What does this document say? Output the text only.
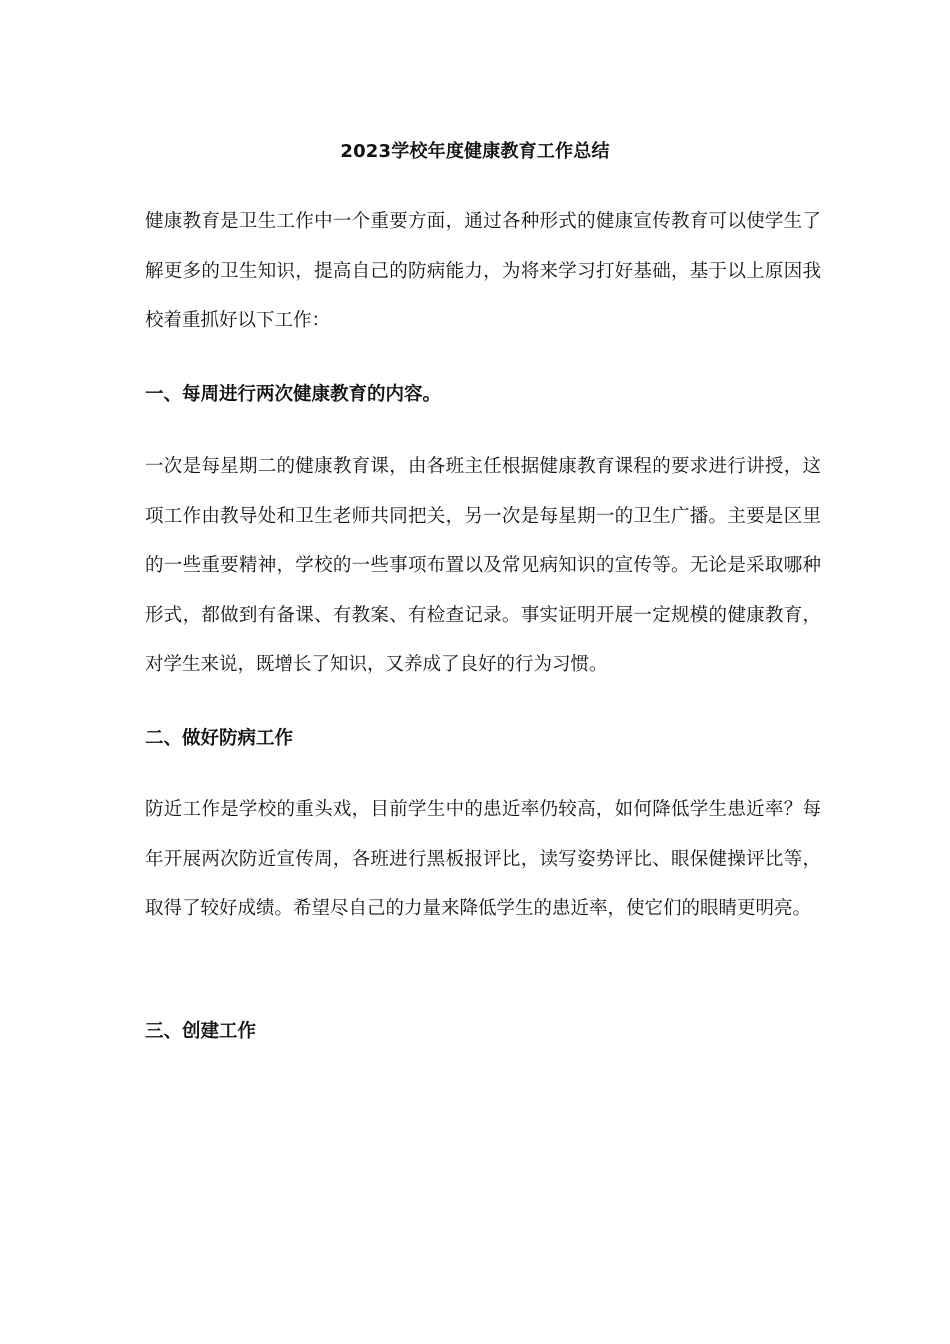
2023学校年度健康教育工作总结

健康教育是卫生工作中一个重要方面，通过各种形式的健康宣传教育可以使学生了解更多的卫生知识，提高自己的防病能力，为将来学习打好基础，基于以上原因我校着重抓好以下工作：

一、每周进行两次健康教育的内容。

一次是每星期二的健康教育课，由各班主任根据健康教育课程的要求进行讲授，这项工作由教导处和卫生老师共同把关，另一次是每星期一的卫生广播。主要是区里的一些重要精神，学校的一些事项布置以及常见病知识的宣传等。无论是采取哪种形式，都做到有备课、有教案、有检查记录。事实证明开展一定规模的健康教育，对学生来说，既增长了知识，又养成了良好的行为习惯。

二、做好防病工作

防近工作是学校的重头戏，目前学生中的患近率仍较高，如何降低学生患近率？每年开展两次防近宣传周，各班进行黑板报评比，读写姿势评比、眼保健操评比等，取得了较好成绩。希望尽自己的力量来降低学生的患近率，使它们的眼睛更明亮。

三、创建工作
